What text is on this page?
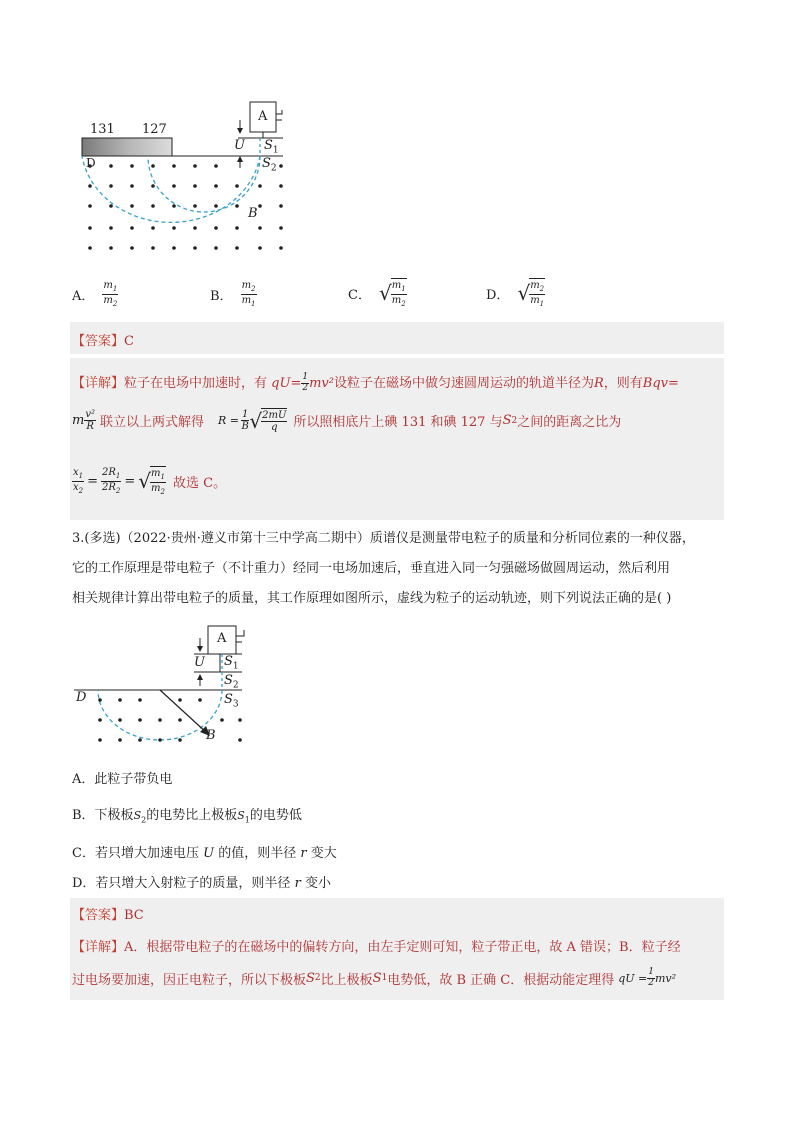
131 127
D
A
U $S_1$
$S_2$
B
A． $\frac{m_1}{m_2}$	B． $\frac{m_2}{m_1}$	C． √ $\frac{m_1}{m_2}$	D． √ $\frac{m_2}{m_1}$
【答案】C
【详解】粒子在电场中加速时，有 $qU= \frac{1}{2} mv^2$设粒子在磁场中做匀速圆周运动的轨道半径为R，则有Bqv=
m $\frac{\text{v²}}{R}$ 联立以上两式解得 $R = \frac{1}{B}$ √ $\frac{2mU}{q}$ 所以照相底片上碘 131 和碘 127 与 S 2 之间的距离之比为
$\frac{x_1}{x_2} = \frac{2R_1}{2R_2}$ = √ $\frac{m_1}{m_2}$ 故选 C。
3.(多选)（2022·贵州·遵义市第十三中学高二期中）质谱仪是测量带电粒子的质量和分析同位素的一种仪器，
它的工作原理是带电粒子（不计重力）经同一电场加速后，垂直进入同一匀强磁场做圆周运动，然后利用
相关规律计算出带电粒子的质量，其工作原理如图所示，虚线为粒子的运动轨迹，则下列说法正确的是( )
A
U $S_1$
$S_2$
$S_3$
D
B
A．此粒子带负电
B．下极板$S_2$的电势比上极板$S_1$的电势低
C．若只增大加速电压 U 的值，则半径 r 变大
D．若只增大入射粒子的质量，则半径 r 变小
【答案】BC
【详解】A．根据带电粒子的在磁场中的偏转方向，由左手定则可知，粒子带正电，故 A 错误；B．粒子经
过电场要加速，因正电粒子，所以下极板 S 2 比上极板 S 1 电势低，故 B 正确 C．根据动能定理得 qU = $\frac{1}{2} mv^2$
